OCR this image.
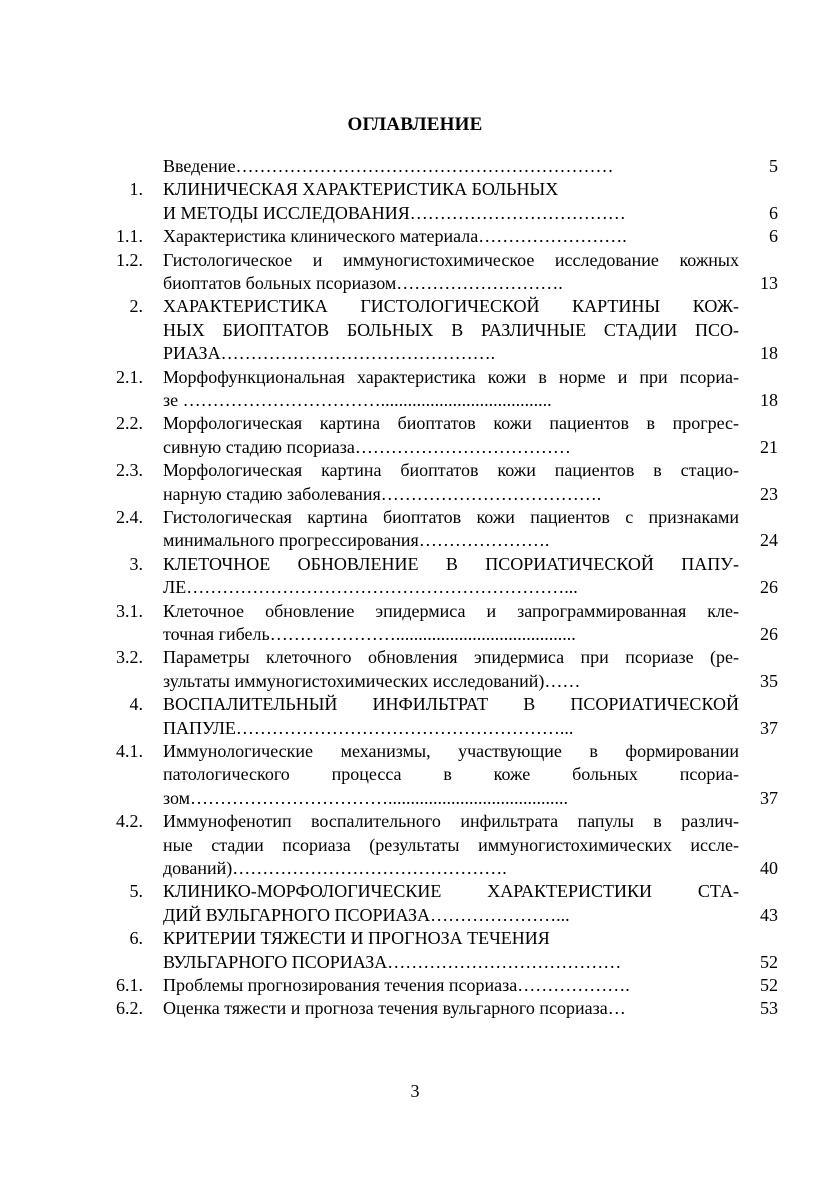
ОГЛАВЛЕНИЕ
Введение………………………………………………………	5
1. КЛИНИЧЕСКАЯ ХАРАКТЕРИСТИКА БОЛЬНЫХ
И МЕТОДЫ ИССЛЕДОВАНИЯ………………………………	6
1.1. Характеристика клинического материала…………………….	6
1.2. Гистологическое и иммуногистохимическое исследование кожных
биоптатов больных псориазом……………………….	13
2. ХАРАКТЕРИСТИКА ГИСТОЛОГИЧЕСКОЙ КАРТИНЫ КОЖ-
НЫХ БИОПТАТОВ БОЛЬНЫХ В РАЗЛИЧНЫЕ СТАДИИ ПСО-
РИАЗА……………………………………….	18
2.1. Морфофункциональная характеристика кожи в норме и при псориа-
зе ……………………………......................................	18
2.2. Морфологическая картина биоптатов кожи пациентов в прогрес-
сивную стадию псориаза………………………………	21
2.3. Морфологическая картина биоптатов кожи пациентов в стацио-
нарную стадию заболевания……………………………….	23
2.4. Гистологическая картина биоптатов кожи пациентов с признаками
минимального прогрессирования………………….	24
3. КЛЕТОЧНОЕ ОБНОВЛЕНИЕ В ПСОРИАТИЧЕСКОЙ ПАПУ-
ЛЕ………………………………………………………...	26
3.1. Клеточное обновление эпидермиса и запрограммированная кле-
точная гибель…………………........................................	26
3.2. Параметры клеточного обновления эпидермиса при псориазе (ре-
зультаты иммуногистохимических исследований)……	35
4. ВОСПАЛИТЕЛЬНЫЙ ИНФИЛЬТРАТ В ПСОРИАТИЧЕСКОЙ
ПАПУЛЕ………………………………………………...	37
4.1. Иммунологические механизмы, участвующие в формировании
патологического процесса в коже больных псориа-
зом……………………………........................................	37
4.2. Иммунофенотип воспалительного инфильтрата папулы в различ-
ные стадии псориаза (результаты иммуногистохимических иссле-
дований)……………………………………….	40
5. КЛИНИКО-МОРФОЛОГИЧЕСКИЕ ХАРАКТЕРИСТИКИ СТА-
ДИЙ ВУЛЬГАРНОГО ПСОРИАЗА…………………...	43
6. КРИТЕРИИ ТЯЖЕСТИ И ПРОГНОЗА ТЕЧЕНИЯ
ВУЛЬГАРНОГО ПСОРИАЗА…………………………………	52
6.1. Проблемы прогнозирования течения псориаза……………….	52
6.2. Оценка тяжести и прогноза течения вульгарного псориаза…	53
3
